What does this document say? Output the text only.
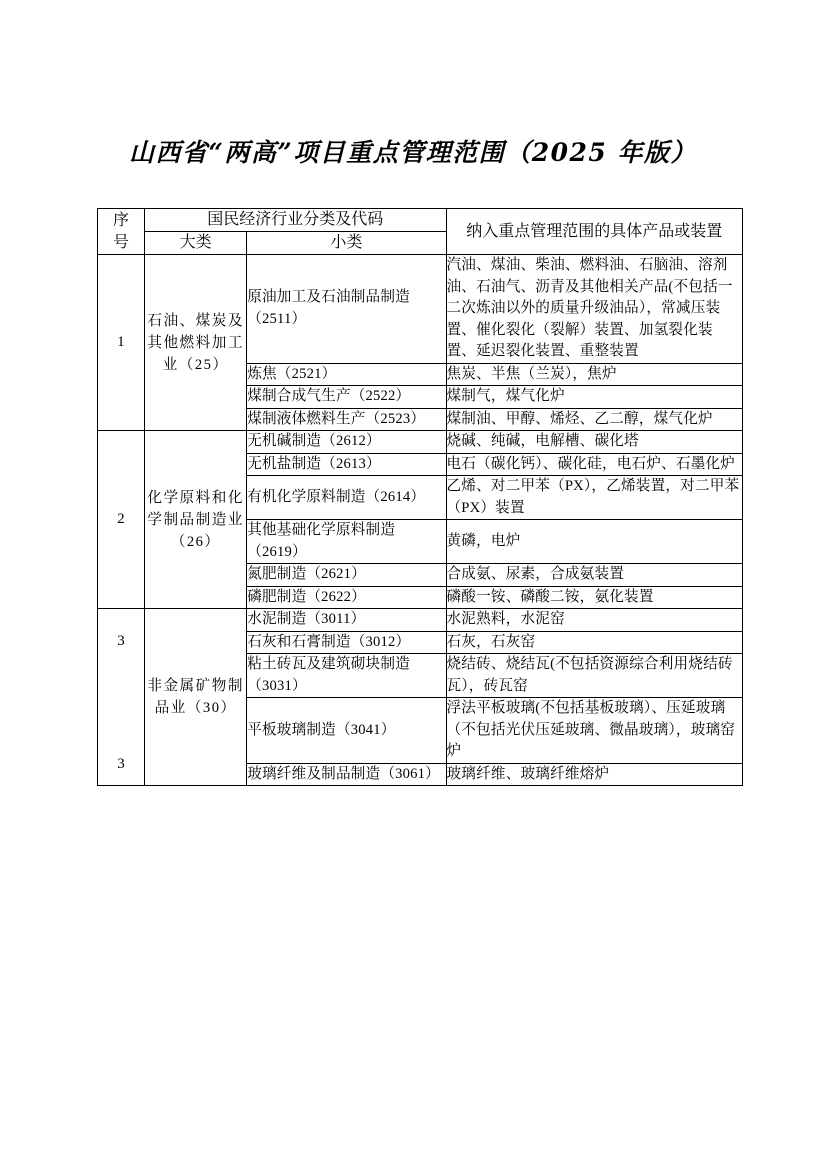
山西省“两高”项目重点管理范围（2025 年版）
序
号	国民经济行业分类及代码		纳入重点管理范围的具体产品或装置
	大类	小类	
1	石油、煤炭及其他燃料加工业（25）	原油加工及石油制品制造（2511）	汽油、煤油、柴油、燃料油、石脑油、溶剂油、石油气、沥青及其他相关产品(不包括一二次炼油以外的质量升级油品），常减压装置、催化裂化（裂解）装置、加氢裂化装置、延迟裂化装置、重整装置
		炼焦（2521）	焦炭、半焦（兰炭），焦炉
		煤制合成气生产（2522）	煤制气，煤气化炉
		煤制液体燃料生产（2523）	煤制油、甲醇、烯烃、乙二醇，煤气化炉
2	化学原料和化学制品制造业（26）	无机碱制造（2612）	烧碱、纯碱，电解槽、碳化塔
		无机盐制造（2613）	电石（碳化钙）、碳化硅，电石炉、石墨化炉
		有机化学原料制造（2614）	乙烯、对二甲苯（PX），乙烯装置，对二甲苯（PX）装置
		其他基础化学原料制造（2619）	黄磷，电炉
		氮肥制造（2621）	合成氨、尿素，合成氨装置
		磷肥制造（2622）	磷酸一铵、磷酸二铵，氨化装置

3
3	非金属矿物制品业（30）	水泥制造（3011）	水泥熟料，水泥窑
		石灰和石膏制造（3012）	石灰，石灰窑
		粘土砖瓦及建筑砌块制造（3031）	烧结砖、烧结瓦(不包括资源综合利用烧结砖瓦），砖瓦窑
		平板玻璃制造（3041）	浮法平板玻璃(不包括基板玻璃）、压延玻璃（不包括光伏压延玻璃、微晶玻璃），玻璃窑炉
		玻璃纤维及制品制造（3061）	玻璃纤维、玻璃纤维熔炉
